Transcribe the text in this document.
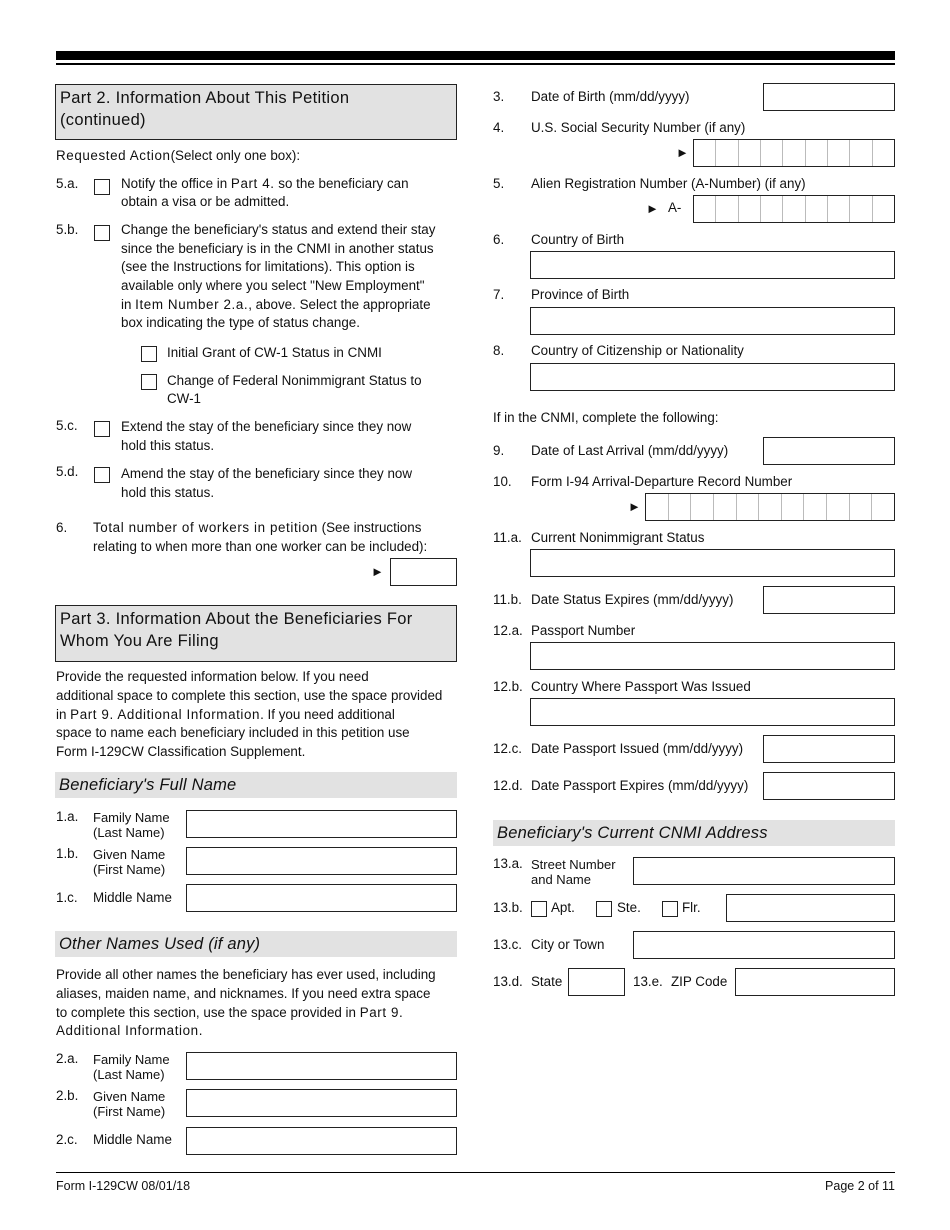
Part 2. Information About This Petition
(continued)
Requested Action(Select only one box):
5.a.	Notify the office in Part 4. so the beneficiary can
obtain a visa or be admitted.
5.b.	Change the beneficiary's status and extend their stay
since the beneficiary is in the CNMI in another status
(see the Instructions for limitations). This option is
available only where you select "New Employment"
in Item Number 2.a., above. Select the appropriate
box indicating the type of status change.
Initial Grant of CW-1 Status in CNMI
Change of Federal Nonimmigrant Status to
CW-1
5.c.	Extend the stay of the beneficiary since they now
hold this status.
5.d.	Amend the stay of the beneficiary since they now
hold this status.
6. Total number of workers in petition (See instructions
relating to when more than one worker can be included):
►
Part 3. Information About the Beneficiaries For
Whom You Are Filing
Provide the requested information below. If you need
additional space to complete this section, use the space provided
in Part 9. Additional Information. If you need additional
space to name each beneficiary included in this petition use
Form I-129CW Classification Supplement.
Beneficiary's Full Name
1.a. Family Name
(Last Name)
1.b. Given Name
(First Name)
1.c. Middle Name
Other Names Used (if any)
Provide all other names the beneficiary has ever used, including
aliases, maiden name, and nicknames. If you need extra space
to complete this section, use the space provided in Part 9.
Additional Information.
2.a. Family Name
(Last Name)
2.b. Given Name
(First Name)
2.c. Middle Name
3. Date of Birth (mm/dd/yyyy)
4. U.S. Social Security Number (if any)
►
5. Alien Registration Number (A-Number) (if any)
► A-
6. Country of Birth
7. Province of Birth
8. Country of Citizenship or Nationality
If in the CNMI, complete the following:
9. Date of Last Arrival (mm/dd/yyyy)
10. Form I-94 Arrival-Departure Record Number
►
11.a. Current Nonimmigrant Status
11.b. Date Status Expires (mm/dd/yyyy)
12.a. Passport Number
12.b. Country Where Passport Was Issued
12.c. Date Passport Issued (mm/dd/yyyy)
12.d. Date Passport Expires (mm/dd/yyyy)
Beneficiary's Current CNMI Address
13.a. Street Number
and Name
13.b. Apt.	Ste.	Flr.
13.c. City or Town
13.d. State	13.e. ZIP Code
Form I-129CW 08/01/18	Page 2 of 11
